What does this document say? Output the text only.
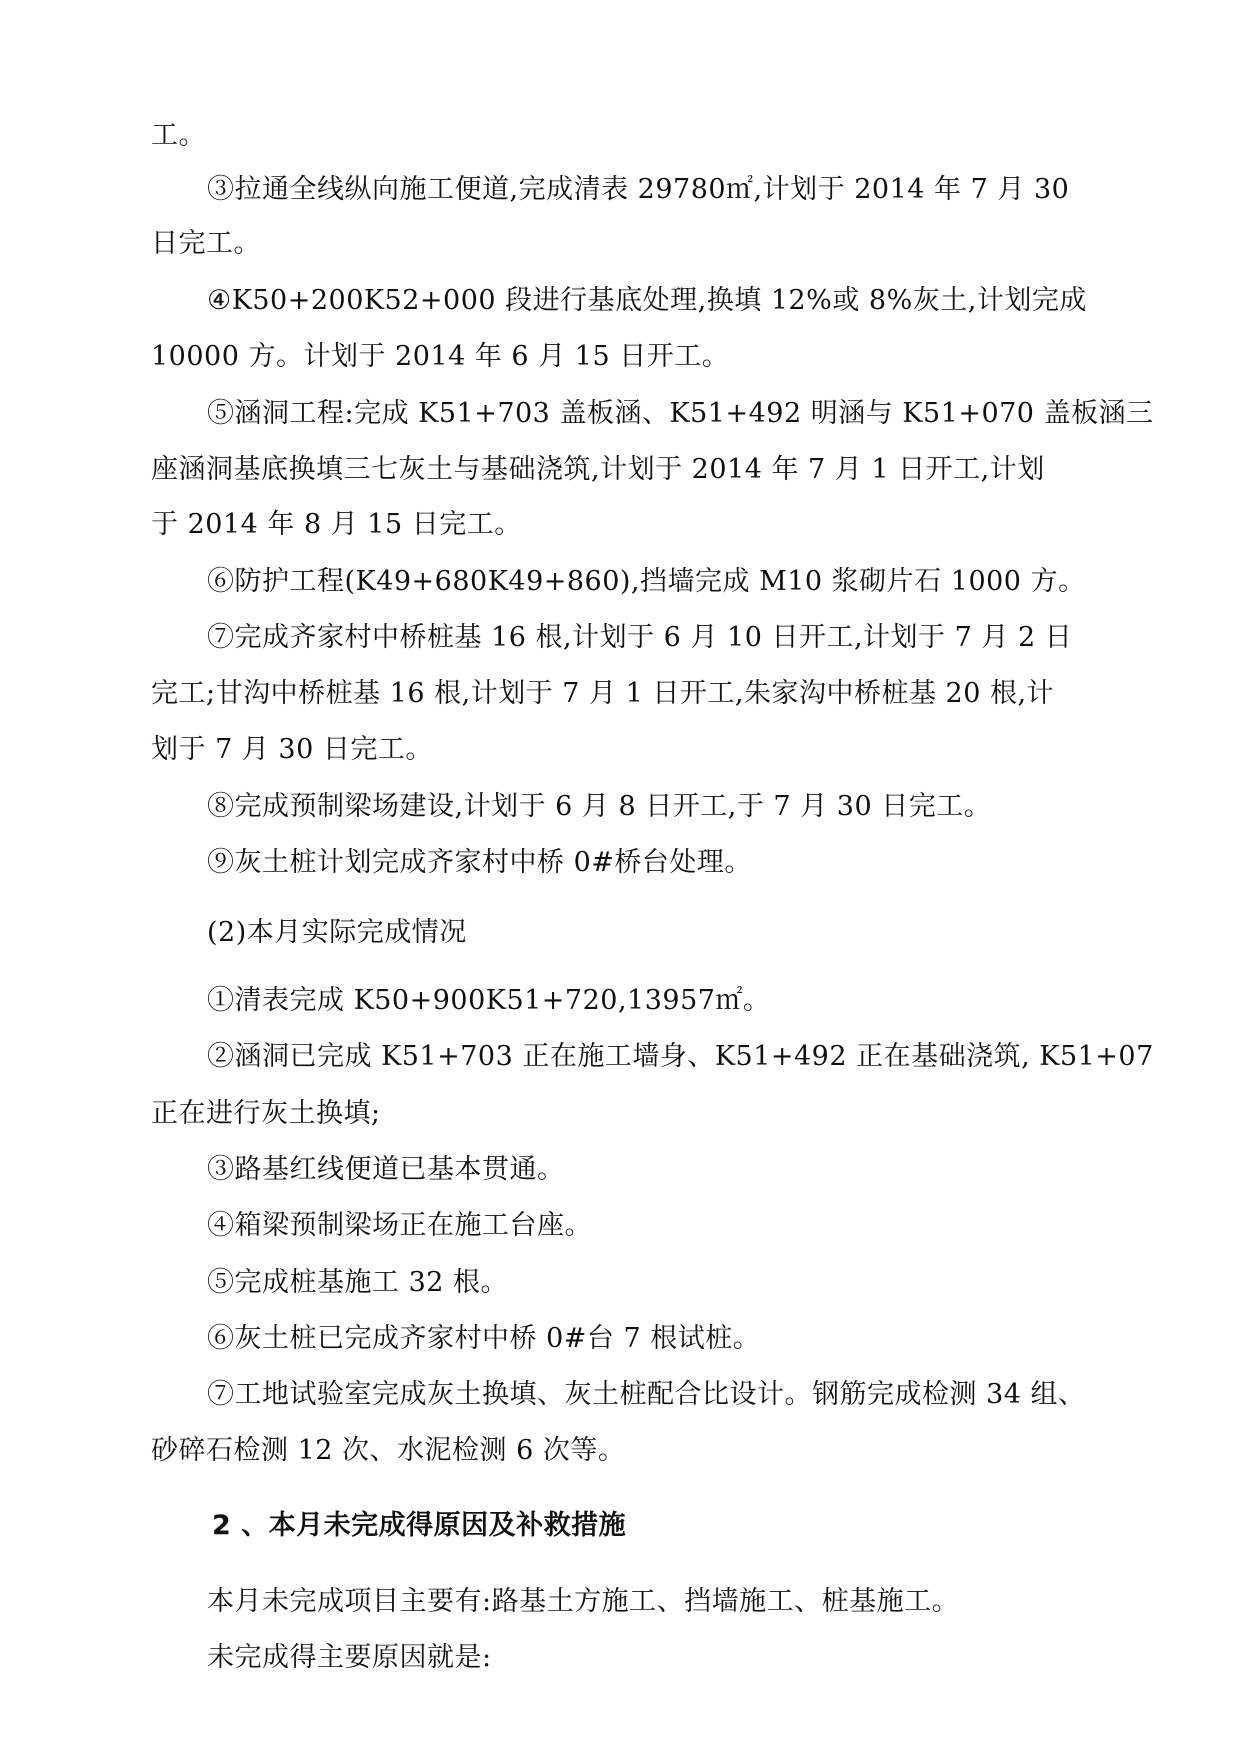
工。
③拉通全线纵向施工便道,完成清表 29780㎡,计划于 2014 年 7 月 30
日完工。
④K50+200K52+000 段进行基底处理,换填 12%或 8%灰土,计划完成
10000 方。计划于 2014 年 6 月 15 日开工。
⑤涵洞工程:完成 K51+703 盖板涵、K51+492 明涵与 K51+070 盖板涵三
座涵洞基底换填三七灰土与基础浇筑,计划于 2014 年 7 月 1 日开工,计划
于 2014 年 8 月 15 日完工。
⑥防护工程(K49+680K49+860),挡墙完成 M10 浆砌片石 1000 方。
⑦完成齐家村中桥桩基 16 根,计划于 6 月 10 日开工,计划于 7 月 2 日
完工;甘沟中桥桩基 16 根,计划于 7 月 1 日开工,朱家沟中桥桩基 20 根,计
划于 7 月 30 日完工。
⑧完成预制梁场建设,计划于 6 月 8 日开工,于 7 月 30 日完工。
⑨灰土桩计划完成齐家村中桥 0#桥台处理。
(2)本月实际完成情况
①清表完成 K50+900K51+720,13957㎡。
②涵洞已完成 K51+703 正在施工墙身、K51+492 正在基础浇筑, K51+07
正在进行灰土换填;
③路基红线便道已基本贯通。
④箱梁预制梁场正在施工台座。
⑤完成桩基施工 32 根。
⑥灰土桩已完成齐家村中桥 0#台 7 根试桩。
⑦工地试验室完成灰土换填、灰土桩配合比设计。钢筋完成检测 34 组、
砂碎石检测 12 次、水泥检测 6 次等。
2 、本月未完成得原因及补救措施
本月未完成项目主要有:路基土方施工、挡墙施工、桩基施工。
未完成得主要原因就是:
